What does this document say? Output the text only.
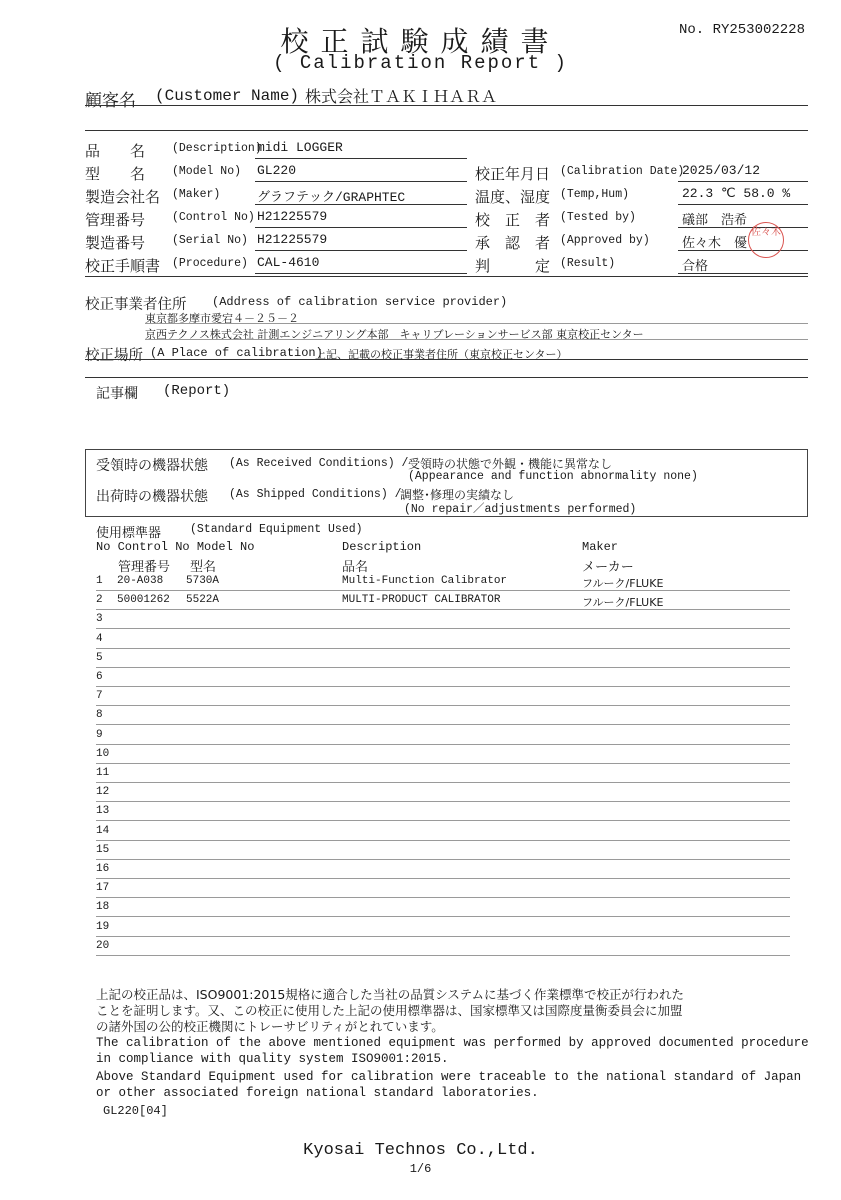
校正試験成績書
( Calibration Report )
No. RY253002228
顧客名 (Customer Name) 株式会社ＴＡＫＩＨＡＲＡ
品　　名 (Description)
midi LOGGER
型　　名 (Model No) GL220
製造会社名 (Maker)	グラフテック/GRAPHTEC
管理番号 (Control No) H21225579
製造番号 (Serial No) H21225579
校正手順書 (Procedure) CAL-4610
校正年月日 (Calibration Date)
2025/03/12
温度、湿度 (Temp,Hum)	22.3 ℃ 58.0 %
校　正　者 (Tested by)	礒部　浩希
承　認　者 (Approved by) 佐々木　優
判　　　定 (Result)	合格
佐々木
校正事業者住所 (Address of calibration service provider)
東京都多摩市愛宕４－２５－２
京西テクノス株式会社 計測エンジニアリング本部　キャリブレーションサービス部 東京校正センター
校正場所 (A Place of calibration)
上記、記載の校正事業者住所（東京校正センター）
記事欄 (Report)
受領時の機器状態 (As Received Conditions) / 受領時の状態で外観・機能に異常なし
(Appearance and function abnormality none)
出荷時の機器状態 (As Shipped Conditions) /
調整･修理の実績なし
(No repair／adjustments performed)
使用標準器	(Standard Equipment Used)
No Control No Model No	Description	Maker
管理番号 型名	品名	メーカー
1 20-A038 5730A	Multi-Function Calibrator	フルーク/FLUKE
2 50001262 5522A	MULTI-PRODUCT CALIBRATOR	フルーク/FLUKE
3
4
5
6
7
8
9
10
11
12
13
14
15
16
17
18
19
20
上記の校正品は、ISO9001:2015規格に適合した当社の品質システムに基づく作業標準で校正が行われた
ことを証明します。又、この校正に使用した上記の使用標準器は、国家標準又は国際度量衡委員会に加盟
の諸外国の公的校正機関にトレーサビリティがとれています。
The calibration of the above mentioned equipment was performed by approved documented procedure
in compliance with quality system ISO9001:2015.
Above Standard Equipment used for calibration were traceable to the national standard of Japan
or other associated foreign national standard laboratories.
GL220[04]
Kyosai Technos Co.,Ltd.
1/6
